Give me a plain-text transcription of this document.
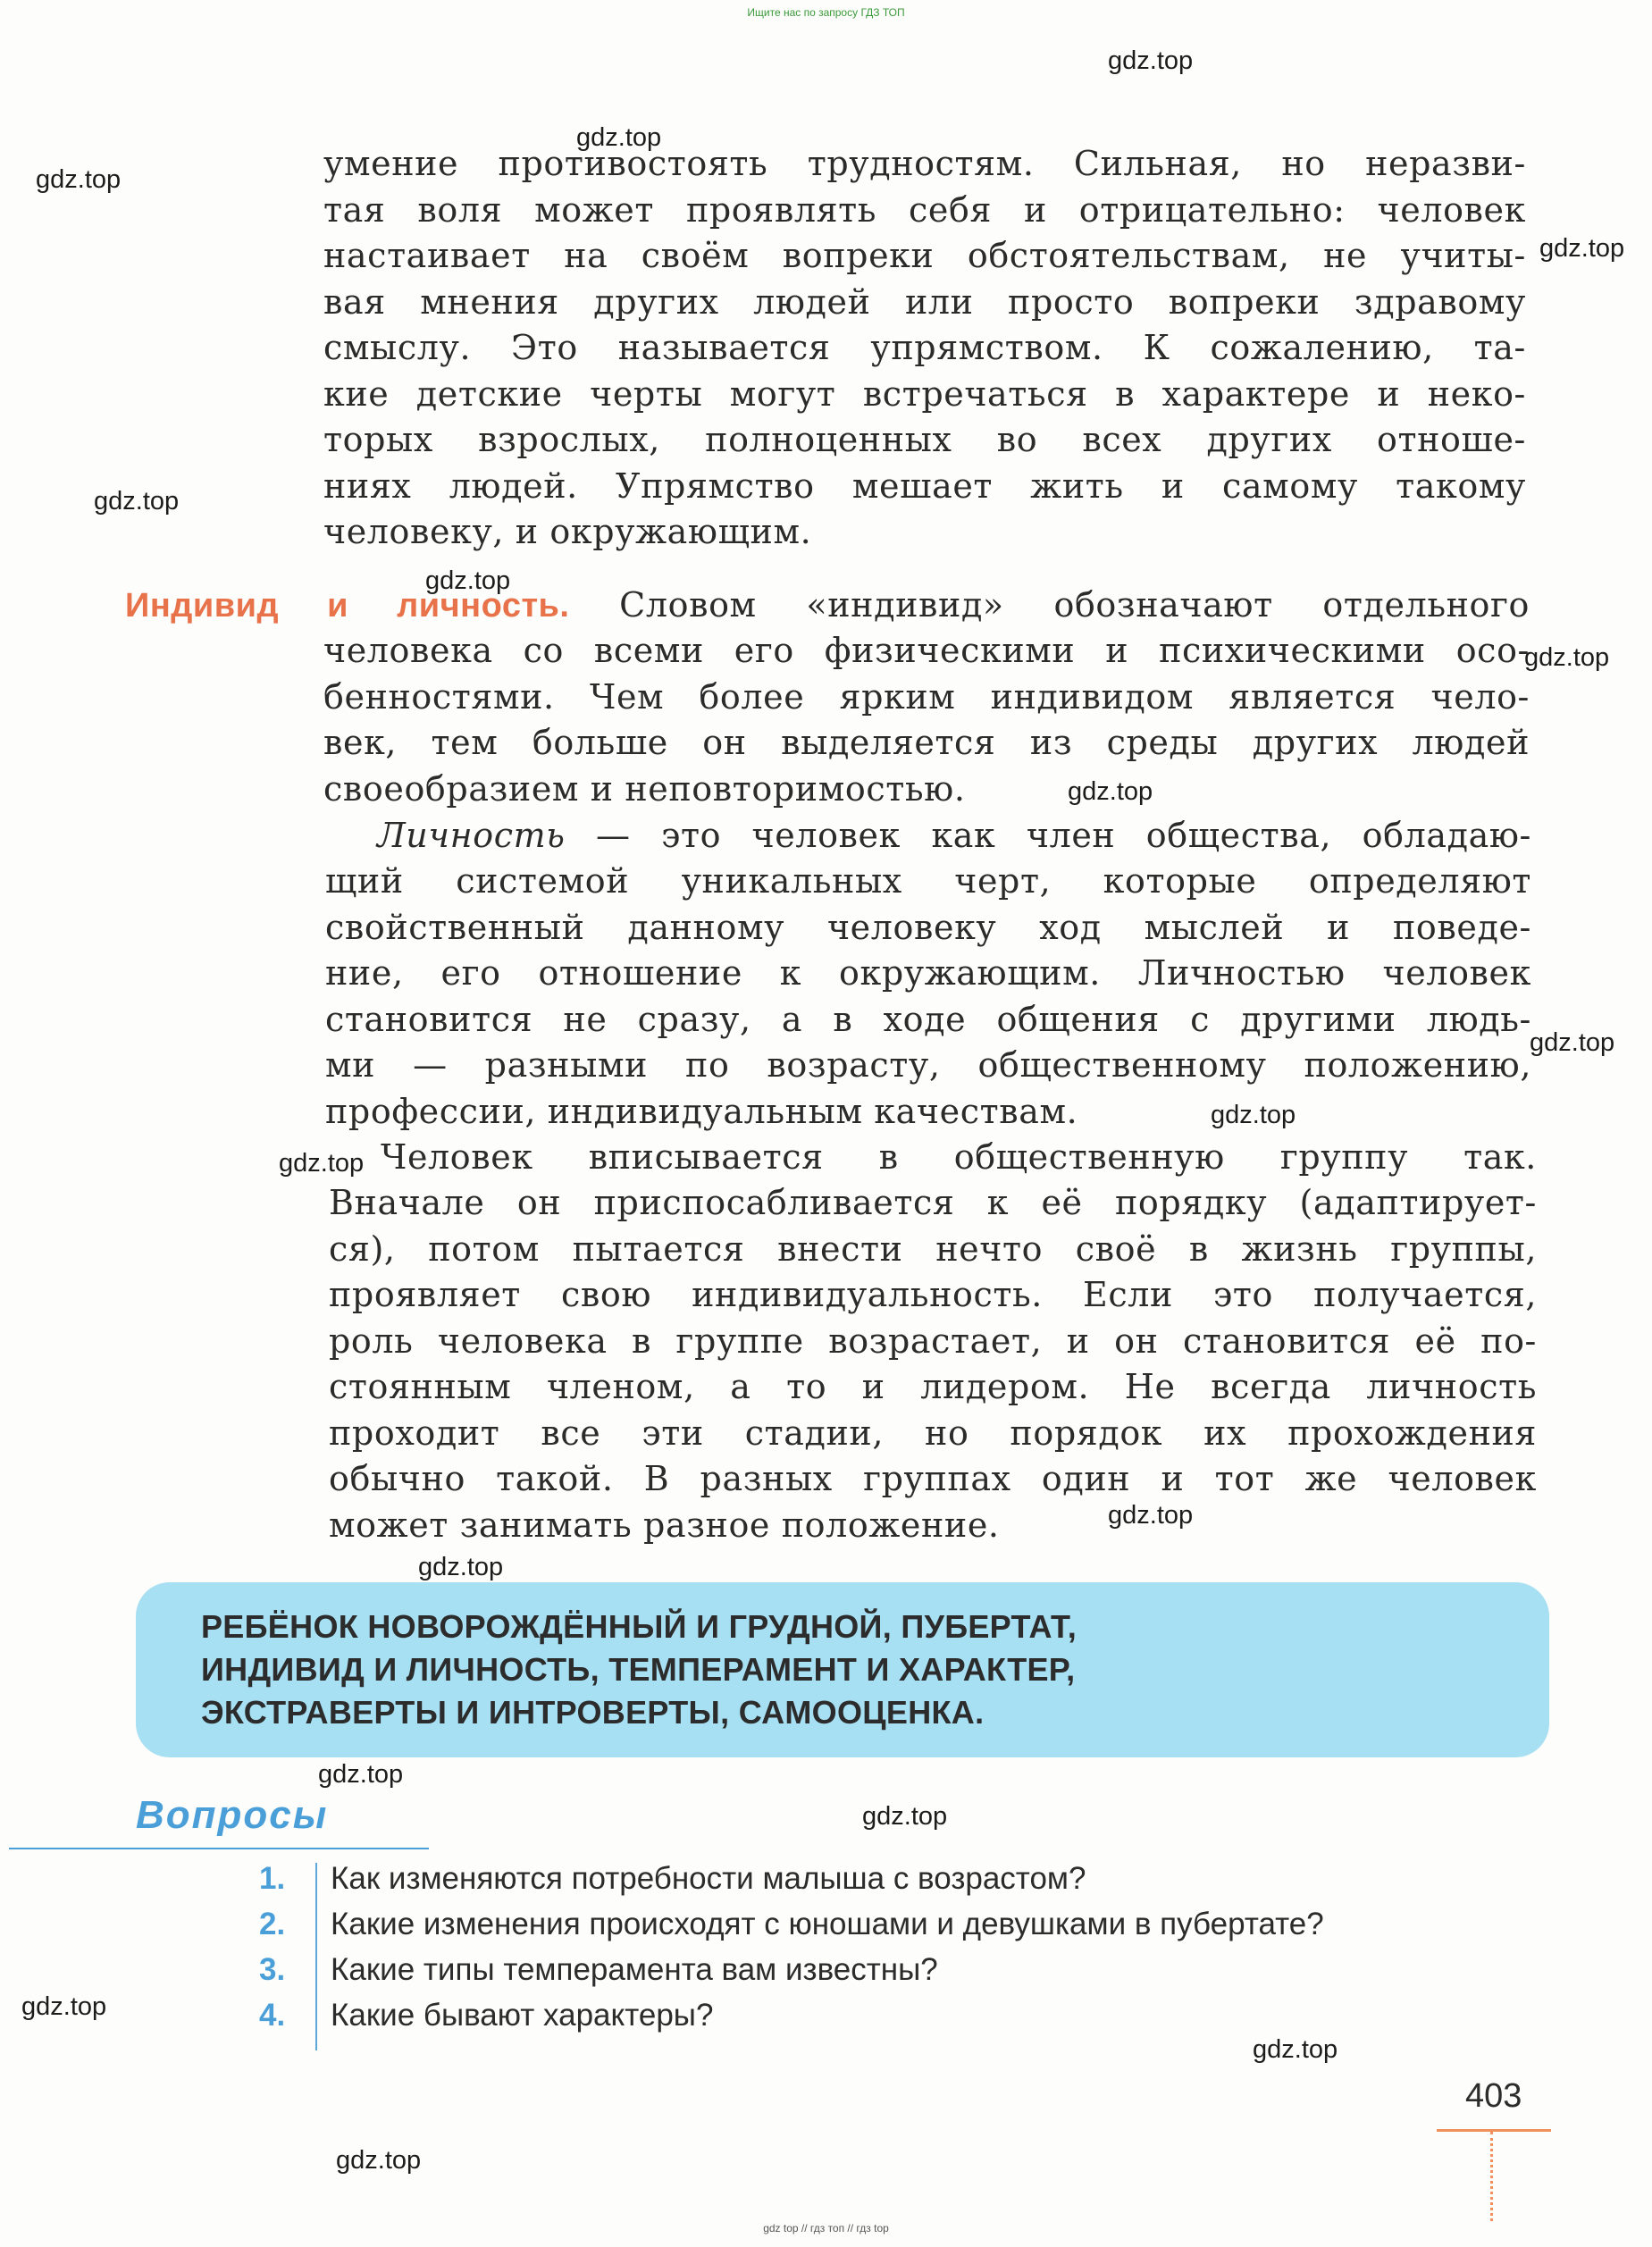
Ищите нас по запросу ГДЗ ТОП
gdz.top
gdz.top
gdz.top
gdz.top
gdz.top
gdz.top
gdz.top
gdz.top
gdz.top
gdz.top
gdz.top
gdz.top
gdz.top
gdz.top
gdz.top
gdz.top
gdz.top
gdz.top
умение противостоять трудностям. Сильная, но неразви-
тая воля может проявлять себя и отрицательно: человек
настаивает на своём вопреки обстоятельствам, не учиты-
вая мнения других людей или просто вопреки здравому
смыслу. Это называется упрямством. К сожалению, та-
кие детские черты могут встречаться в характере и неко-
торых взрослых, полноценных во всех других отноше-
ниях людей. Упрямство мешает жить и самому такому
человеку, и окружающим.
Индивид и личность. Словом «индивид» обозначают отдельного
человека со всеми его физическими и психическими осо-
бенностями. Чем более ярким индивидом является чело-
век, тем больше он выделяется из среды других людей
своеобразием и неповторимостью.
Личность — это человек как член общества, обладаю-
щий системой уникальных черт, которые определяют
свойственный данному человеку ход мыслей и поведе-
ние, его отношение к окружающим. Личностью человек
становится не сразу, а в ходе общения с другими людь-
ми — разными по возрасту, общественному положению,
профессии, индивидуальным качествам.
Человек вписывается в общественную группу так.
Вначале он приспосабливается к её порядку (адаптирует-
ся), потом пытается внести нечто своё в жизнь группы,
проявляет свою индивидуальность. Если это получается,
роль человека в группе возрастает, и он становится её по-
стоянным членом, а то и лидером. Не всегда личность
проходит все эти стадии, но порядок их прохождения
обычно такой. В разных группах один и тот же человек
может занимать разное положение.
РЕБЁНОК НОВОРОЖДЁННЫЙ И ГРУДНОЙ, ПУБЕРТАТ,
ИНДИВИД И ЛИЧНОСТЬ, ТЕМПЕРАМЕНТ И ХАРАКТЕР,
ЭКСТРАВЕРТЫ И ИНТРОВЕРТЫ, САМООЦЕНКА.
Вопросы
1. Как изменяются потребности малыша с возрастом?
2. Какие изменения происходят с юношами и девушками в пубертате?
3. Какие типы темперамента вам известны?
4. Какие бывают характеры?
403
gdz top // гдз топ // гдз top
